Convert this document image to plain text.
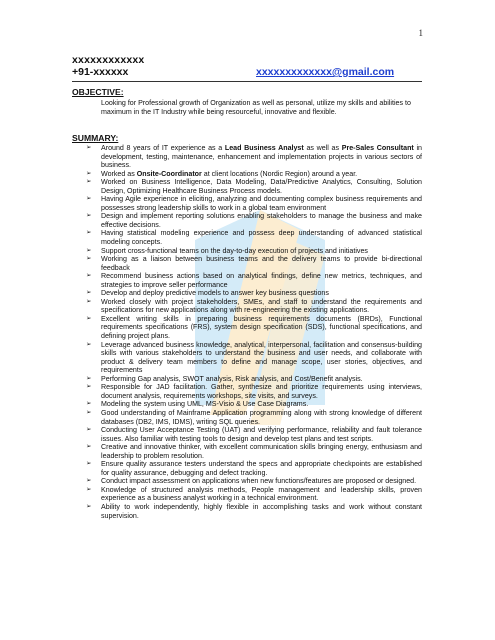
1
xxxxxxxxxxxx
+91-xxxxxx	xxxxxxxxxxxxx@gmail.com
OBJECTIVE:
Looking for Professional growth of Organization as well as personal, utilize my skills and abilities to maximum in the IT Industry while being resourceful, innovative and flexible.
SUMMARY:
➢ Around 8 years of IT experience as a Lead Business Analyst as well as Pre-Sales Consultant in development, testing, maintenance, enhancement and implementation projects in various sectors of business.
➢ Worked as Onsite-Coordinator at client locations (Nordic Region) around a year.
➢ Worked on Business Intelligence, Data Modeling, Data/Predictive Analytics, Consulting, Solution Design, Optimizing Healthcare Business Process models.
➢ Having Agile experience in eliciting, analyzing and documenting complex business requirements and possesses strong leadership skills to work in a global team environment
➢ Design and implement reporting solutions enabling stakeholders to manage the business and make effective decisions.
➢ Having statistical modeling experience and possess deep understanding of advanced statistical modeling concepts.
➢ Support cross-functional teams on the day-to-day execution of projects and initiatives
➢ Working as a liaison between business teams and the delivery teams to provide bi-directional feedback
➢ Recommend business actions based on analytical findings, define new metrics, techniques, and strategies to improve seller performance
➢ Develop and deploy predictive models to answer key business questions
➢ Worked closely with project stakeholders, SMEs, and staff to understand the requirements and specifications for new applications along with re-engineering the existing applications.
➢ Excellent writing skills in preparing business requirements documents (BRDs), Functional requirements specifications (FRS), system design specification (SDS), functional specifications, and defining project plans.
➢ Leverage advanced business knowledge, analytical, interpersonal, facilitation and consensus-building skills with various stakeholders to understand the business and user needs, and collaborate with product & delivery team members to define and manage scope, user stories, objectives, and requirements
➢ Performing Gap analysis, SWOT analysis, Risk analysis, and Cost/Benefit analysis.
➢ Responsible for JAD facilitation. Gather, synthesize and prioritize requirements using interviews, document analysis, requirements workshops, site visits, and surveys.
➢ Modeling the system using UML, MS-Visio & Use Case Diagrams.
➢ Good understanding of Mainframe Application programming along with strong knowledge of different databases (DB2, IMS, IDMS), writing SQL queries.
➢ Conducting User Acceptance Testing (UAT) and verifying performance, reliability and fault tolerance issues. Also familiar with testing tools to design and develop test plans and test scripts.
➢ Creative and innovative thinker, with excellent communication skills bringing energy, enthusiasm and leadership to problem resolution.
➢ Ensure quality assurance testers understand the specs and appropriate checkpoints are established for quality assurance, debugging and defect tracking.
➢ Conduct impact assessment on applications when new functions/features are proposed or designed.
➢ Knowledge of structured analysis methods, People management and leadership skills, proven experience as a business analyst working in a technical environment.
➢ Ability to work independently, highly flexible in accomplishing tasks and work without constant supervision.
